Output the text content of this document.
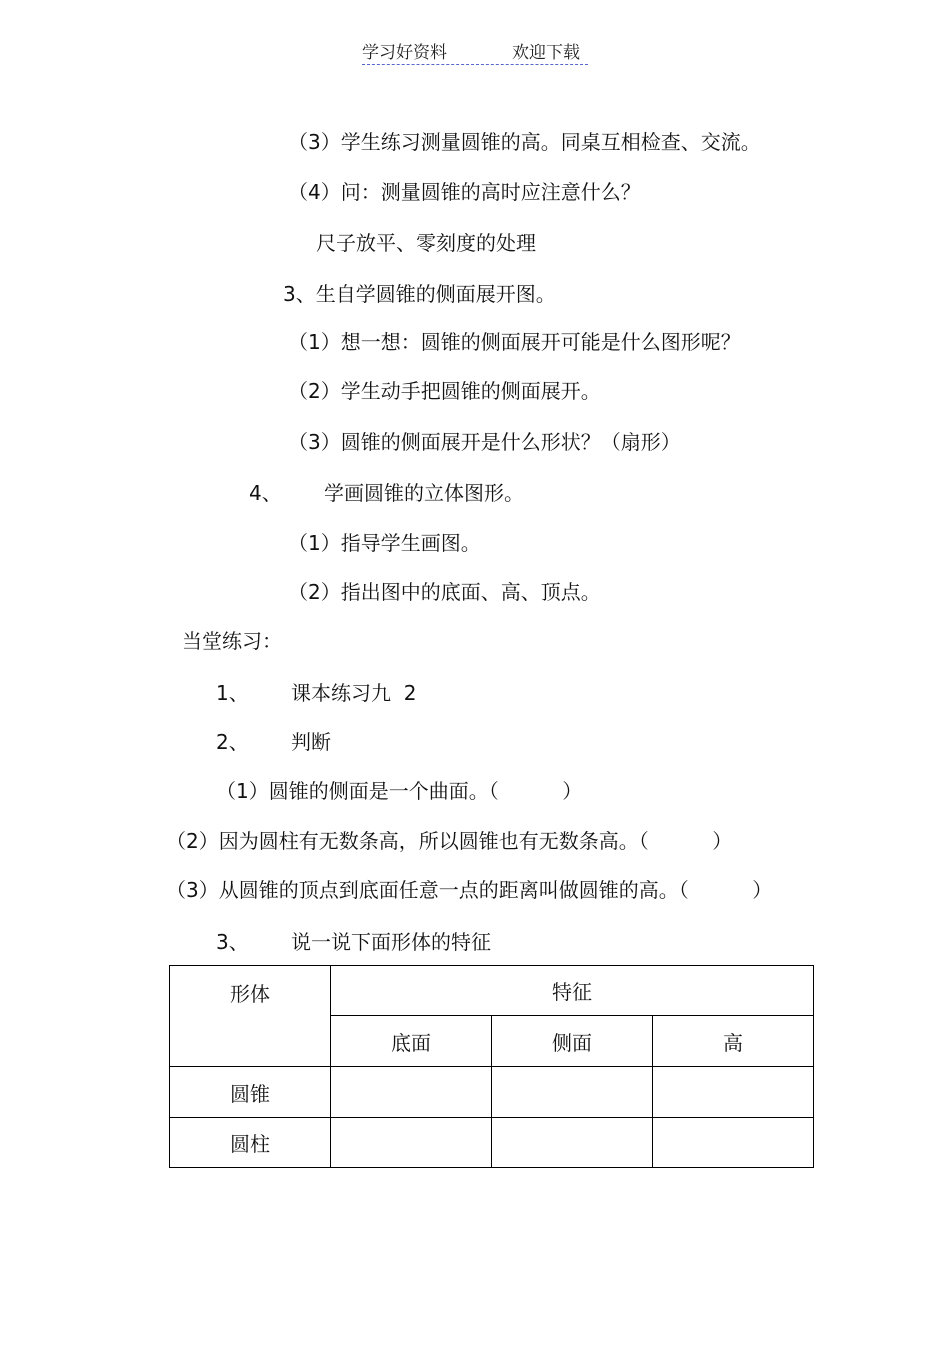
学习好资料	欢迎下载
（3）学生练习测量圆锥的高。同桌互相检查、交流。
（4）问：测量圆锥的高时应注意什么？
尺子放平、零刻度的处理
3、生自学圆锥的侧面展开图。
（1）想一想：圆锥的侧面展开可能是什么图形呢？
（2）学生动手把圆锥的侧面展开。
（3）圆锥的侧面展开是什么形状？（扇形）
4、 学画圆锥的立体图形。
（1）指导学生画图。
（2）指出图中的底面、高、顶点。
当堂练习：
1、 课本练习九  2
2、 判断
（1）圆锥的侧面是一个曲面。（          ）
（2）因为圆柱有无数条高，所以圆锥也有无数条高。（          ）
（3）从圆锥的顶点到底面任意一点的距离叫做圆锥的高。（          ）
3、 说一说下面形体的特征
形体	特征		
	底面	侧面	高
圆锥			
圆柱			
